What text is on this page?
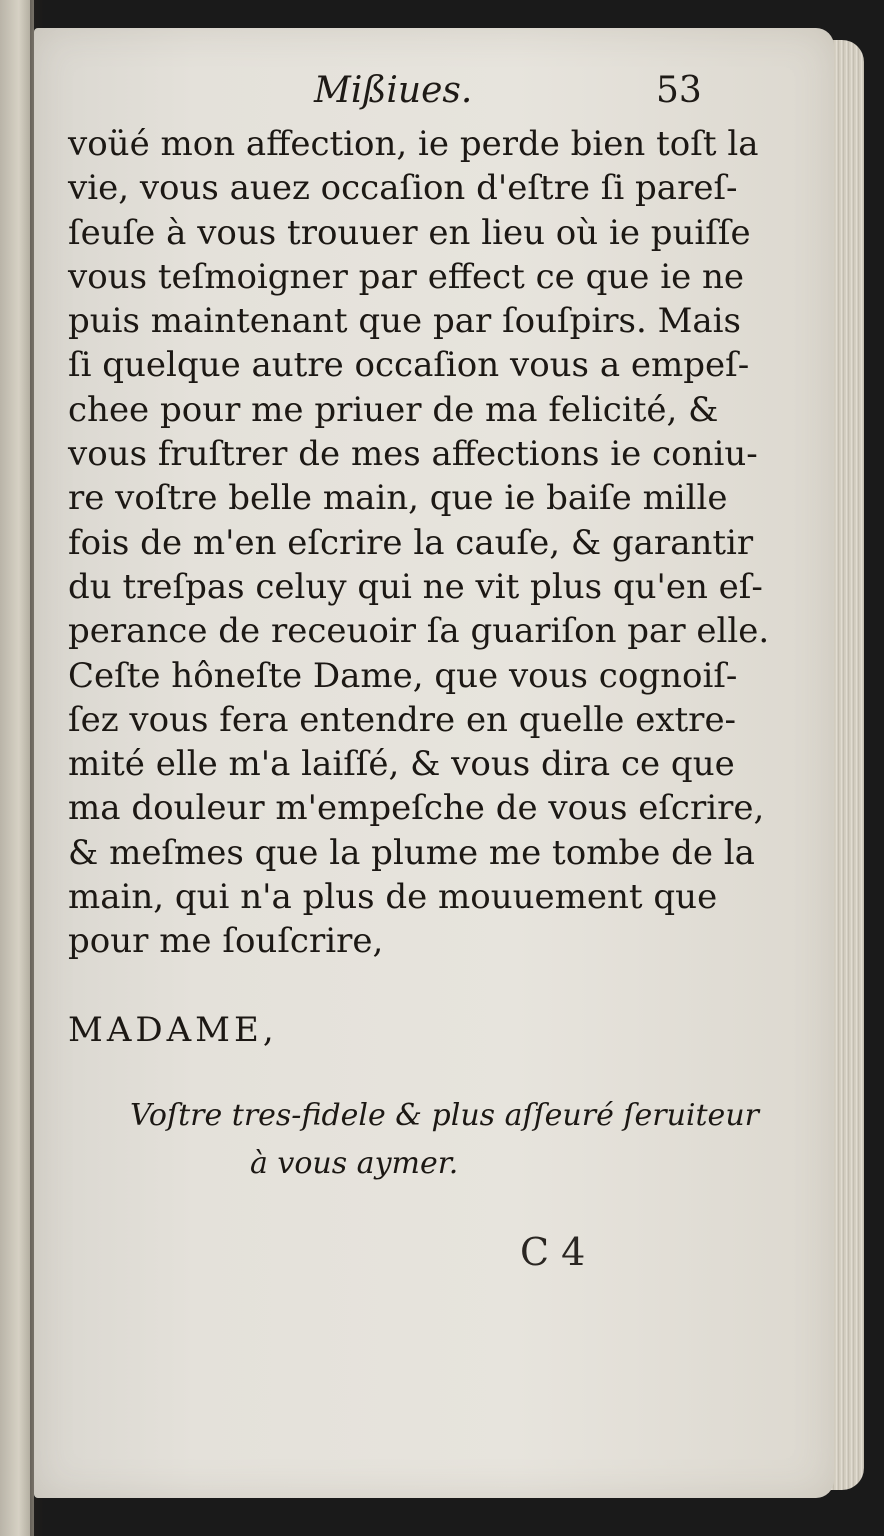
Mißiues.	53
voüé mon affection, ie perde bien toſt la
vie, vous auez occaſion d'eſtre ſi pareſ-
ſeuſe à vous trouuer en lieu où ie puiſſe
vous teſmoigner par effect ce que ie ne
puis maintenant que par ſouſpirs. Mais
ſi quelque autre occaſion vous a empeſ-
chee pour me priuer de ma felicité, &
vous fruſtrer de mes affections ie coniu-
re voſtre belle main, que ie baiſe mille
fois de m'en eſcrire la cauſe, & garantir
du treſpas celuy qui ne vit plus qu'en eſ-
perance de receuoir ſa guariſon par elle.
Ceſte hôneſte Dame, que vous cognoiſ-
ſez vous fera entendre en quelle extre-
mité elle m'a laiſſé, & vous dira ce que
ma douleur m'empeſche de vous eſcrire,
& meſmes que la plume me tombe de la
main, qui n'a plus de mouuement que
pour me ſouſcrire,
MADAME,
Voſtre tres-fidele & plus aſſeuré ſeruiteur
à vous aymer.
C 4
